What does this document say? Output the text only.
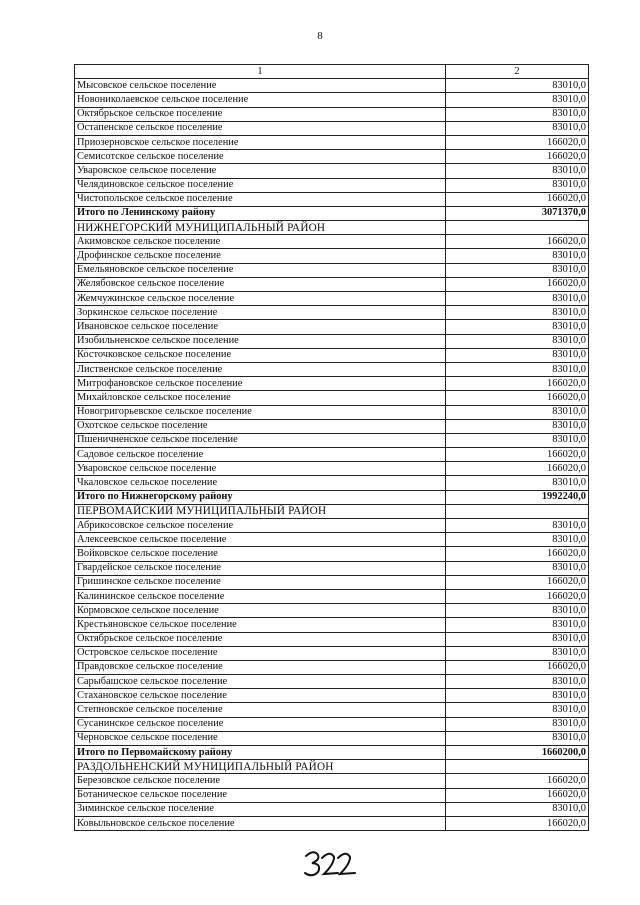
8
1	2
Мысовское сельское поселение	83010,0
Новониколаевское сельское поселение	83010,0
Октябрьское сельское поселение	83010,0
Остапенское сельское поселение	83010,0
Приозерновское сельское поселение	166020,0
Семисотское сельское поселение	166020,0
Уваровское сельское поселение	83010,0
Челядиновское сельское поселение	83010,0
Чистопольское сельское поселение	166020,0
Итого по Ленинскому району	3071370,0
НИЖНЕГОРСКИЙ МУНИЦИПАЛЬНЫЙ РАЙОН	
Акимовское сельское поселение	166020,0
Дрофинское сельское поселение	83010,0
Емельяновское сельское поселение	83010,0
Желябовское сельское поселение	166020,0
Жемчужинское сельское поселение	83010,0
Зоркинское сельское поселение	83010,0
Ивановское сельское поселение	83010,0
Изобильненское сельское поселение	83010,0
Косточковское сельское поселение	83010,0
Лиственское сельское поселение	83010,0
Митрофановское сельское поселение	166020,0
Михайловское сельское поселение	166020,0
Новогригорьевское сельское поселение	83010,0
Охотское сельское поселение	83010,0
Пшеничненское сельское поселение	83010,0
Садовое сельское поселение	166020,0
Уваровское сельское поселение	166020,0
Чкаловское сельское поселение	83010,0
Итого по Нижнегорскому району	1992240,0
ПЕРВОМАЙСКИЙ МУНИЦИПАЛЬНЫЙ РАЙОН	
Абрикосовское сельское поселение	83010,0
Алексеевское сельское поселение	83010,0
Войковское сельское поселение	166020,0
Гвардейское сельское поселение	83010,0
Гришинское сельское поселение	166020,0
Калининское сельское поселение	166020,0
Кормовское сельское поселение	83010,0
Крестьяновское сельское поселение	83010,0
Октябрьское сельское поселение	83010,0
Островское сельское поселение	83010,0
Правдовское сельское поселение	166020,0
Сарыбашское сельское поселение	83010,0
Стахановское сельское поселение	83010,0
Степновское сельское поселение	83010,0
Сусанинское сельское поселение	83010,0
Черновское сельское поселение	83010,0
Итого по Первомайскому району	1660200,0
РАЗДОЛЬНЕНСКИЙ МУНИЦИПАЛЬНЫЙ РАЙОН	
Березовское сельское поселение	166020,0
Ботаническое сельское поселение	166020,0
Зиминское сельское поселение	83010,0
Ковыльновское сельское поселение	166020,0
